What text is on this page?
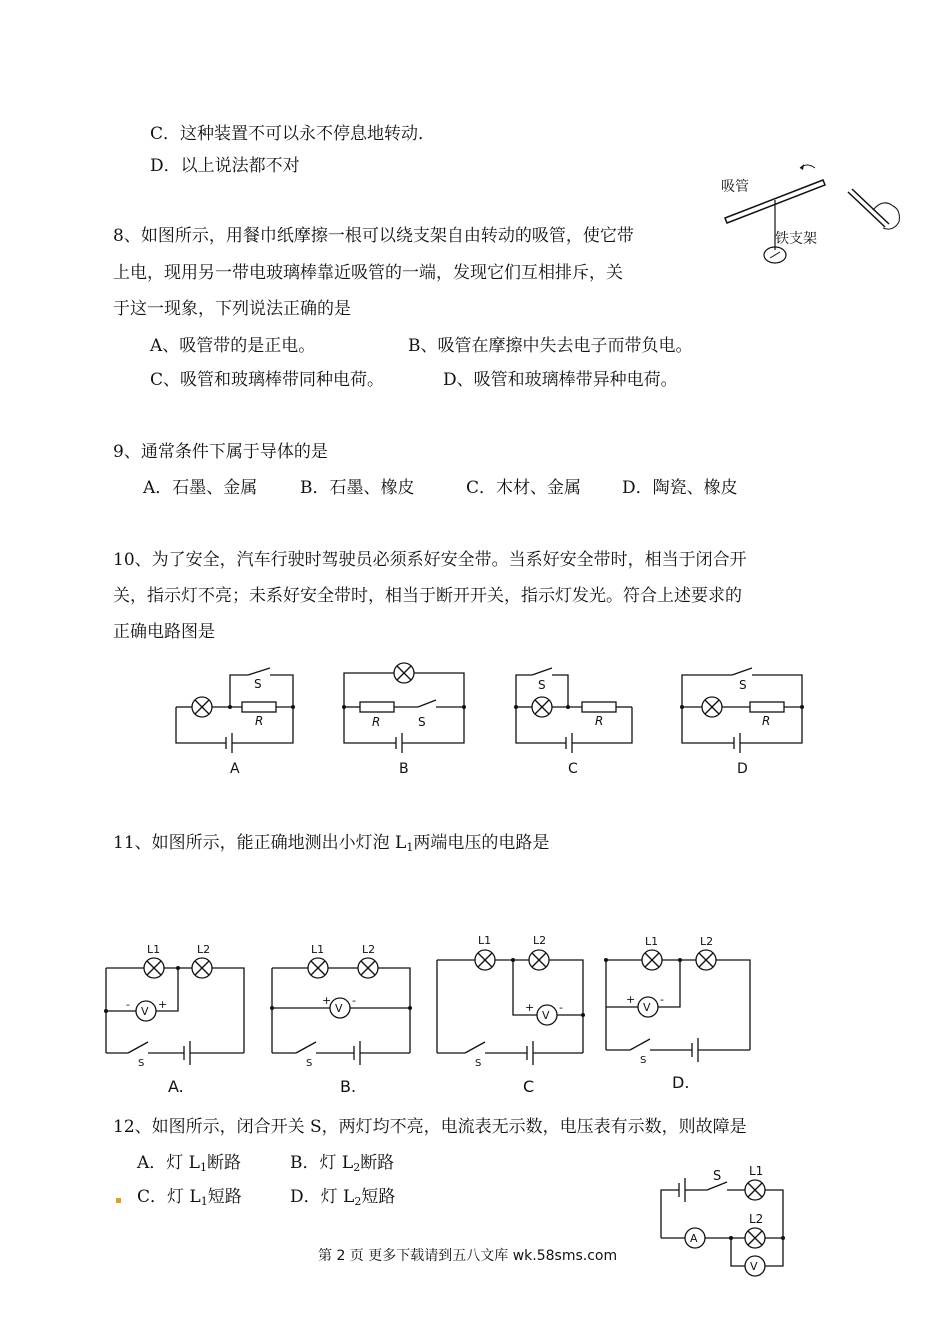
C．这种装置不可以永不停息地转动．
D．以上说法都不对
8、如图所示，用餐巾纸摩擦一根可以绕支架自由转动的吸管，使它带
上电，现用另一带电玻璃棒靠近吸管的一端，发现它们互相排斥，关
于这一现象，下列说法正确的是
A、吸管带的是正电。	B、吸管在摩擦中失去电子而带负电。
C、吸管和玻璃棒带同种电荷。	D、吸管和玻璃棒带异种电荷。
吸管
铁支架
9、通常条件下属于导体的是
A．石墨、金属	B．石墨、橡皮	C．木材、金属 D．陶瓷、橡皮
10、为了安全，汽车行驶时驾驶员必须系好安全带。当系好安全带时，相当于闭合开
关，指示灯不亮；未系好安全带时，相当于断开开关，指示灯发光。符合上述要求的
正确电路图是
S
R
A
R	S
B
S
R
C
S
R
D
11、如图所示，能正确地测出小灯泡 $L_1$两端电压的电路是
L1	L2
V
-	+
S
A.
L1	L2
V
+ -
S
B.
L1	L2
V
+ -
S
C
L1	L2
V
+ -
S
D.
12、如图所示，闭合开关 S，两灯均不亮，电流表无示数，电压表有示数，则故障是
A．灯 $L_1$断路	B．灯 $L_2$断路
C．灯 $L_1$短路	D．灯 $L_2$短路
S L1
L2
A
V
第 2 页 更多下载请到五八文库 wk.58sms.com
